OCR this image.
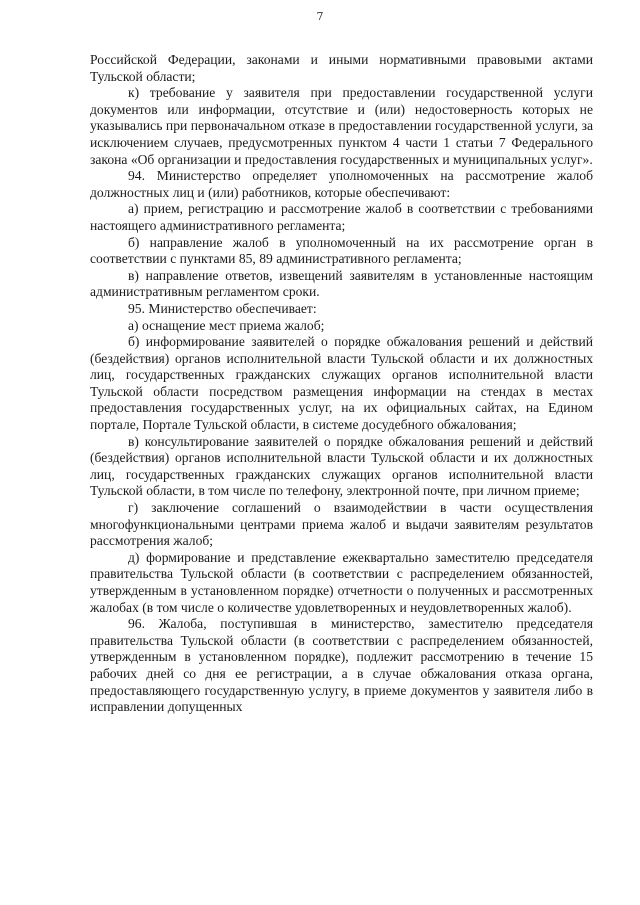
7

Российской Федерации, законами и иными нормативными правовыми актами Тульской области;

к) требование у заявителя при предоставлении государственной услуги документов или информации, отсутствие и (или) недостоверность которых не указывались при первоначальном отказе в предоставлении государственной услуги, за исключением случаев, предусмотренных пунктом 4 части 1 статьи 7 Федерального закона «Об организации и предоставления государственных и муниципальных услуг».

94. Министерство определяет уполномоченных на рассмотрение жалоб должностных лиц и (или) работников, которые обеспечивают:

а) прием, регистрацию и рассмотрение жалоб в соответствии с требованиями настоящего административного регламента;

б) направление жалоб в уполномоченный на их рассмотрение орган в соответствии с пунктами 85, 89 административного регламента;

в) направление ответов, извещений заявителям в установленные настоящим административным регламентом сроки.

95. Министерство обеспечивает:

а) оснащение мест приема жалоб;

б) информирование заявителей о порядке обжалования решений и действий (бездействия) органов исполнительной власти Тульской области и их должностных лиц, государственных гражданских служащих органов исполнительной власти Тульской области посредством размещения информации на стендах в местах предоставления государственных услуг, на их официальных сайтах, на Едином портале, Портале Тульской области, в системе досудебного обжалования;

в) консультирование заявителей о порядке обжалования решений и действий (бездействия) органов исполнительной власти Тульской области и их должностных лиц, государственных гражданских служащих органов исполнительной власти Тульской области, в том числе по телефону, электронной почте, при личном приеме;

г) заключение соглашений о взаимодействии в части осуществления многофункциональными центрами приема жалоб и выдачи заявителям результатов рассмотрения жалоб;

д) формирование и представление ежеквартально заместителю председателя правительства Тульской области (в соответствии с распределением обязанностей, утвержденным в установленном порядке) отчетности о полученных и рассмотренных жалобах (в том числе о количестве удовлетворенных и неудовлетворенных жалоб).

96. Жалоба, поступившая в министерство, заместителю председателя правительства Тульской области (в соответствии с распределением обязанностей, утвержденным в установленном порядке), подлежит рассмотрению в течение 15 рабочих дней со дня ее регистрации, а в случае обжалования отказа органа, предоставляющего государственную услугу, в приеме документов у заявителя либо в исправлении допущенных
